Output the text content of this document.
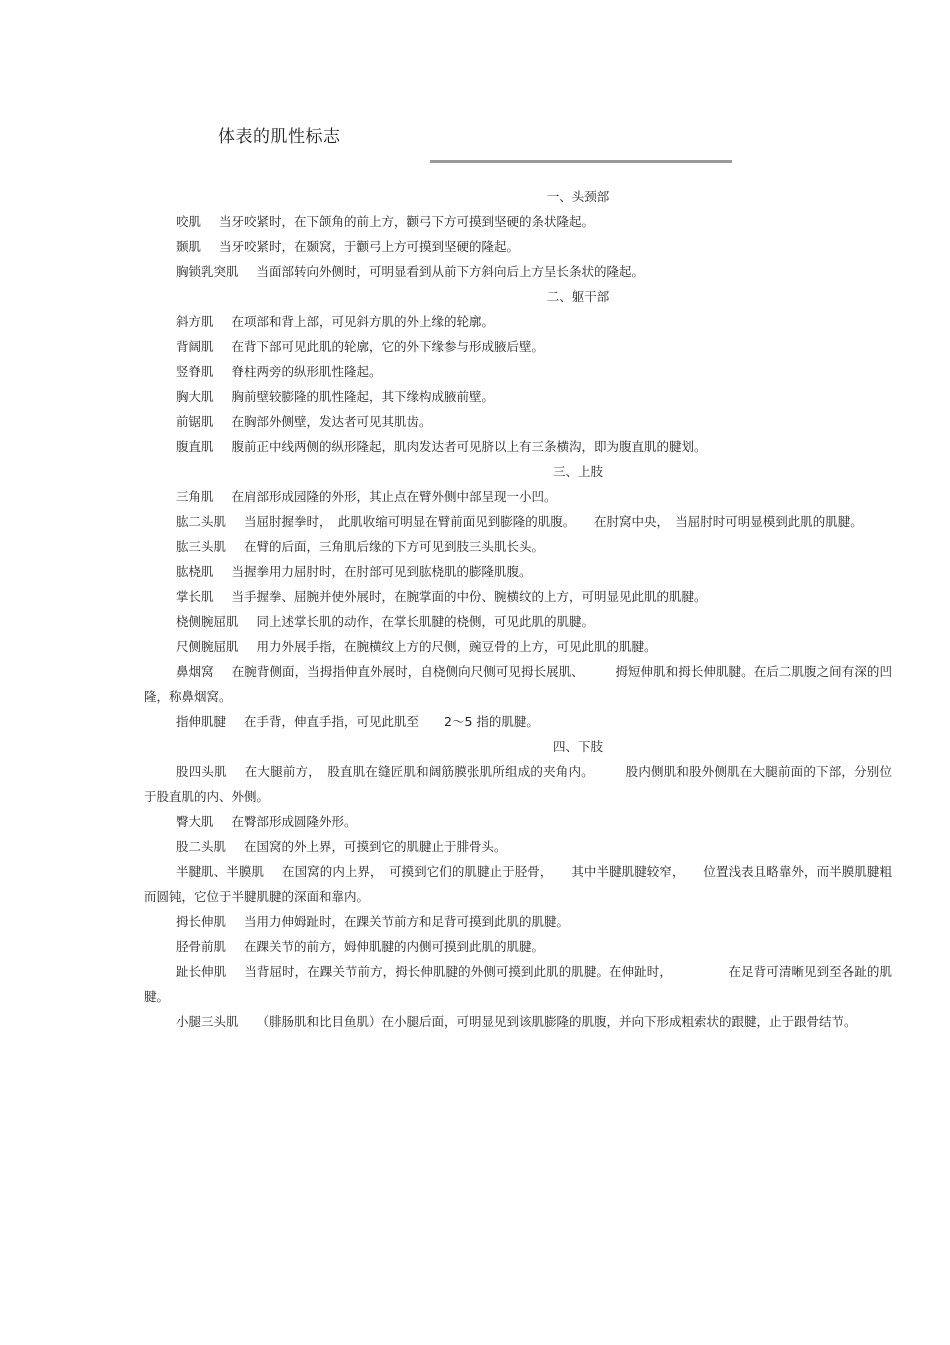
体表的肌性标志

一、头颈部

咬肌 当牙咬紧时，在下颌角的前上方，颧弓下方可摸到坚硬的条状隆起。

颞肌 当牙咬紧时，在颞窝，于颧弓上方可摸到坚硬的隆起。

胸锁乳突肌 当面部转向外侧时，可明显看到从前下方斜向后上方呈长条状的隆起。

二、躯干部

斜方肌 在项部和背上部，可见斜方肌的外上缘的轮廓。

背阔肌 在背下部可见此肌的轮廓，它的外下缘参与形成腋后壁。

竖脊肌 脊柱两旁的纵形肌性隆起。

胸大肌 胸前壁较膨隆的肌性隆起，其下缘构成腋前壁。

前锯肌 在胸部外侧壁，发达者可见其肌齿。

腹直肌 腹前正中线两侧的纵形隆起，肌肉发达者可见脐以上有三条横沟，即为腹直肌的腱划。

三、上肢

三角肌 在肩部形成园隆的外形，其止点在臂外侧中部呈现一小凹。

肱二头肌 当屈肘握拳时，　此肌收缩可明显在臂前面见到膨隆的肌腹。　　在肘窝中央，　当屈肘时可明显模到此肌的肌腱。

肱三头肌 在臂的后面，三角肌后缘的下方可见到肢三头肌长头。

肱桡肌 当握拳用力屈肘时，在肘部可见到肱桡肌的膨隆肌腹。

掌长肌 当手握拳、屈腕并使外展时，在腕掌面的中份、腕横纹的上方，可明显见此肌的肌腱。

桡侧腕屈肌 同上述掌长肌的动作，在掌长肌腱的桡侧，可见此肌的肌腱。

尺侧腕屈肌 用力外展手指，在腕横纹上方的尺侧，豌豆骨的上方，可见此肌的肌腱。

鼻烟窝 在腕背侧面，当拇指伸直外展时，自桡侧向尺侧可见拇长展肌、　　　拇短伸肌和拇长伸肌腱。在后二肌腹之间有深的凹隆，称鼻烟窝。

指伸肌腱 在手背，伸直手指，可见此肌至　　2～5 指的肌腱。

四、下肢

股四头肌 在大腿前方，　股直肌在缝匠肌和阔筋膜张肌所组成的夹角内。　　　股内侧肌和股外侧肌在大腿前面的下部，分别位于股直肌的内、外侧。

臀大肌 在臀部形成圆隆外形。

股二头肌 在国窝的外上界，可摸到它的肌腱止于腓骨头。

半腱肌、半膜肌 在国窝的内上界，　可摸到它们的肌腱止于胫骨，　　其中半腱肌腱较窄，　　位置浅表且略靠外，而半膜肌腱粗而圆钝，它位于半腱肌腱的深面和靠内。

拇长伸肌 当用力伸姆趾时，在踝关节前方和足背可摸到此肌的肌腱。

胫骨前肌 在踝关节的前方，姆伸肌腱的内侧可摸到此肌的肌腱。

趾长伸肌 当背屈时，在踝关节前方，拇长伸肌腱的外侧可摸到此肌的肌腱。在伸趾时，　　　　　在足背可清晰见到至各趾的肌腱。

小腿三头肌 （腓肠肌和比目鱼肌）在小腿后面，可明显见到该肌膨隆的肌腹，并向下形成粗索状的跟腱，止于跟骨结节。
